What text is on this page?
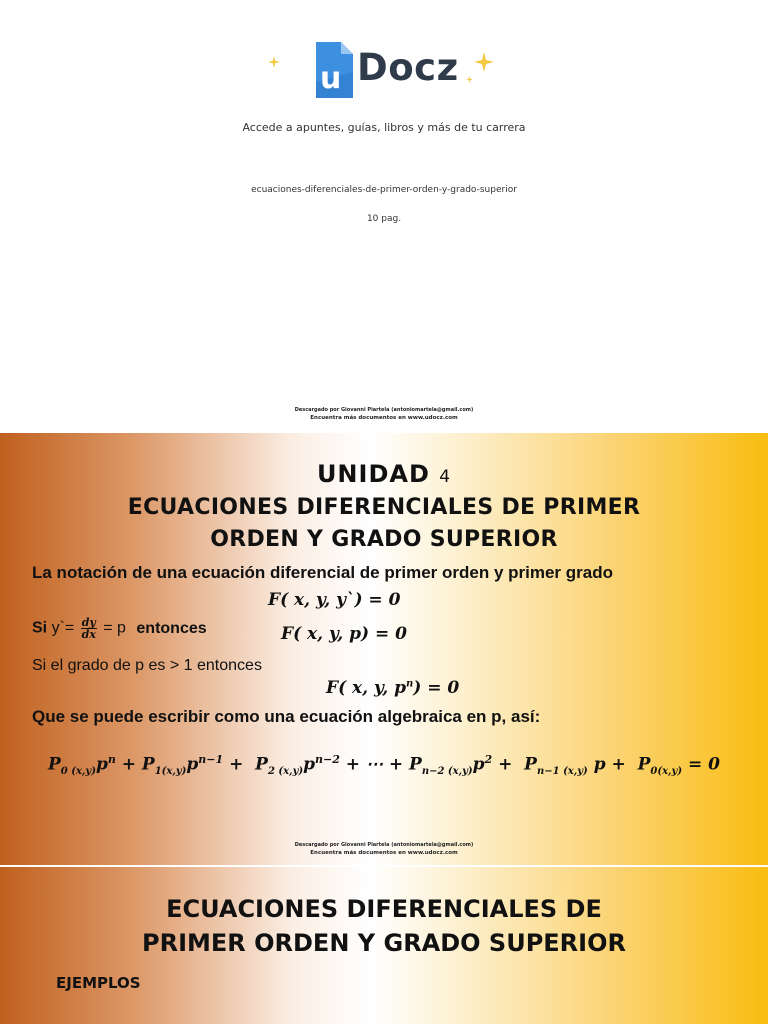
u Docz
Accede a apuntes, guías, libros y más de tu carrera
ecuaciones-diferenciales-de-primer-orden-y-grado-superior
10 pag.
Descargado por Giovanni Piartela (antoniomartela@gmail.com)
Encuentra más documentos en www.udocz.com
UNIDAD 4
ECUACIONES DIFERENCIALES DE PRIMER
ORDEN Y GRADO SUPERIOR
La notación de una ecuación diferencial de primer orden y primer grado
F( x, y, y`) = 0
Si y`= $\frac{dy}{dx} = p$ entonces	F( x, y, p) = 0
Si el grado de p es > 1 entonces
F( x, y, $p^n) = 0$
Que se puede escribir como una ecuación algebraica en p, así:
$P_{0 (x,y)}p^n + P_{1(x,y)}p^{n-1} + P_{2 (x,y)}p^{n-2}$ + ⋯ + $P_{n-2 (x,y)}p^2 + P_{n-1 (x,y)}$ $p + P_{0(x,y)} = 0$
Descargado por Giovanni Piartela (antoniomartela@gmail.com)
Encuentra más documentos en www.udocz.com
ECUACIONES DIFERENCIALES DE
PRIMER ORDEN Y GRADO SUPERIOR
EJEMPLOS
